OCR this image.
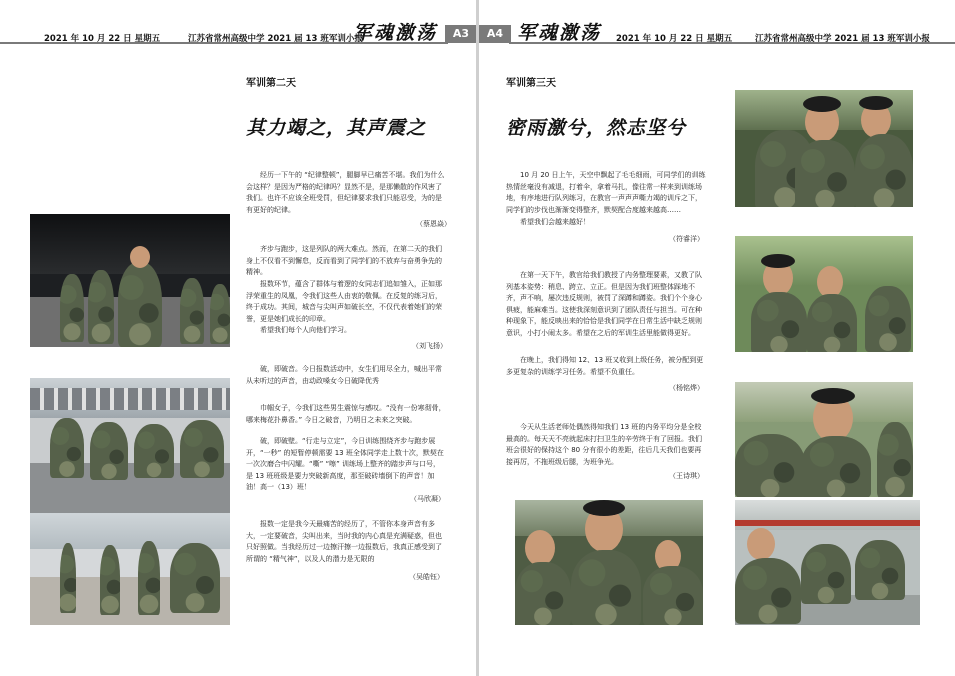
2021 年 10 月 22 日 星期五	江苏省常州高级中学 2021 届 13 班军训小报
军魂激荡	A3
军训第二天
其力竭之，其声震之

经历一下午的 “纪律整顿”，腿脚早已痛苦不堪。我们为什么会这样？是因为严格的纪律吗？显然不是，是那懒散的作风害了我们。也许不应该全班受罚，但纪律要求我们只能忍受，为的是有更好的纪律。

（蔡恩焱）

齐步与跑步，这是列队的两大难点。然而，在第二天的我们身上不仅看不到懈怠，反而看到了同学们的不放弃与奋勇争先的精神。

报数环节，蕴含了群体与着逻的女同志们追如雏入，正如那浮荣重生的凤凰，令我们这些人由衷的敬佩。在反复的练习后，终于成功。其间，城音与尖叫声如破长空，不仅代表着她们的荣誉，更是她们成长的印章。

希望我们每个人向他们学习。

（刘飞扬）

破，即破音。今日报数活动中，女生们用尽全力，喊出平常从未听过的声音，由动政嗓女今日破降优秀

巾帼女子，今我们这些男生震惊与感叹。“没有一份寒彻骨，哪来梅花扑鼻香。” 今日之破音，乃明日之未来之突破。

破，即破壁。“行走与立定”，今日训练围绕齐步与跑步展开，“一秒” 的短暂停顿需要 13 班全体同学走上数十次，默契在一次次磨合中闪耀。“嘶” “嚓” 训练场上整齐的踏步声与口号，是 13 班班级是要力突破新高度，那至破砖墙倒下的声音！加油！高一（13）班！

（马欣凝）

报数一定是我今天最痛苦的经历了，不管你本身声音有多大，一定要破音，尖叫出来，当时我的内心真是充满疑惑，但也只好照做。当我经历过一边擦汗擦一边报数后，我真正感受到了所谓的 “精气神”，以及人的潜力是无限的

（吴皓钰）
A4 军魂激荡 2021 年 10 月 22 日 星期五	江苏省常州高级中学 2021 届 13 班军训小报
军训第三天
密雨激兮，然志坚兮

10 月 20 日上午，天空中飘起了毛毛细雨，可同学们的训练热情丝毫没有减退，打着伞，拿着马扎，像往常一样来到训练场地，有序地进行队列练习，在教官一声声声嘶力竭的训斥之下，同学们的步伐也渐渐变得整齐，默契配合度越来越高……

希望我们会越来越好！

（符睿洋）

在第一天下午，教官给我们教授了内务整理要素，又教了队列基本姿势：稍息、跨立、立正。但是因为我们班整体踩地不齐，声不响，屡次违反规则，被罚了深蹲和蹲姿。我们个个身心俱疲，能麻难当。这使我深刻意识到了团队责任与担当。可在种种现象下，能反映出来的恰恰是我们同学在日常生活中缺乏规则意识，小打小闹太多。希望在之后的军训生活里能做得更好。

在晚上，我们得知 12、13 班又收到上级任务，被分配到更多更复杂的训练学习任务。希望不负重任。

（杨铭烨）

今天从生活老师处偶然得知我们 13 班的内务平均分是全校最高的。每天天不亮就起床打扫卫生的辛劳终于有了回报。我们班会很好的保持这个 80 分有很小的差距，往后几天我们也要再接再厉，不拖班级后腿，为班争光。

（王诗琪）
